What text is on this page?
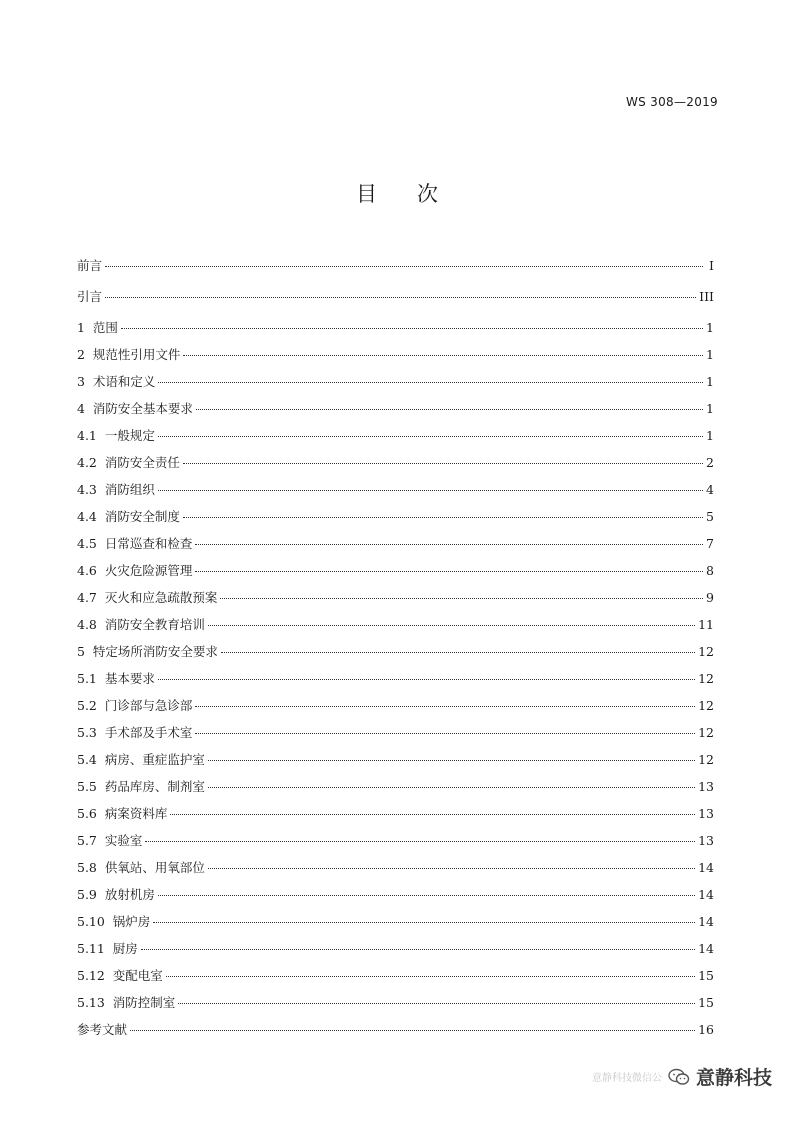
WS 308—2019
目次
前言	I
引言	III
1  范围	1
2  规范性引用文件	1
3  术语和定义	1
4  消防安全基本要求	1
4.1  一般规定	1
4.2  消防安全责任	2
4.3  消防组织	4
4.4  消防安全制度	5
4.5  日常巡查和检查	7
4.6  火灾危险源管理	8
4.7  灭火和应急疏散预案	9
4.8  消防安全教育培训	11
5  特定场所消防安全要求	12
5.1  基本要求	12
5.2  门诊部与急诊部	12
5.3  手术部及手术室	12
5.4  病房、重症监护室	12
5.5  药品库房、制剂室	13
5.6  病案资料库	13
5.7  实验室	13
5.8  供氧站、用氧部位	14
5.9  放射机房	14
5.10  锅炉房	14
5.11  厨房	14
5.12  变配电室	15
5.13  消防控制室	15
参考文献	16
意静科技微信公 意静科技
